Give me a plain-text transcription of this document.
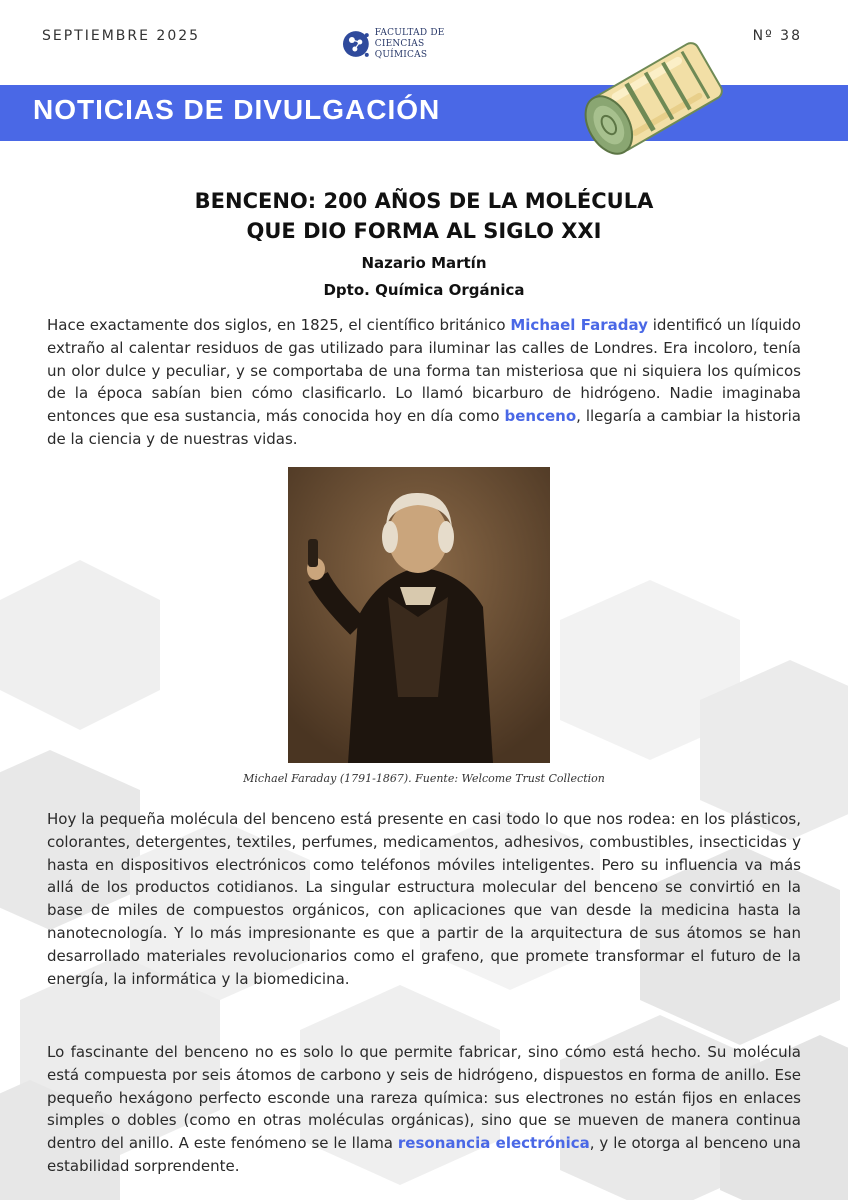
SEPTIEMBRE 2025	Nº 38
FACULTAD DE
CIENCIAS QUÍMICAS
NOTICIAS DE DIVULGACIÓN
BENCENO: 200 AÑOS DE LA MOLÉCULA
QUE DIO FORMA AL SIGLO XXI
Nazario Martín
Dpto. Química Orgánica

Hace exactamente dos siglos, en 1825, el científico británico Michael Faraday identificó un líquido extraño al calentar residuos de gas utilizado para iluminar las calles de Londres. Era incoloro, tenía un olor dulce y peculiar, y se comportaba de una forma tan misteriosa que ni siquiera los químicos de la época sabían bien cómo clasificarlo. Lo llamó bicarburo de hidrógeno. Nadie imaginaba entonces que esa sustancia, más conocida hoy en día como benceno, llegaría a cambiar la historia de la ciencia y de nuestras vidas.

Michael Faraday (1791-1867). Fuente: Welcome Trust Collection

Hoy la pequeña molécula del benceno está presente en casi todo lo que nos rodea: en los plásticos, colorantes, detergentes, textiles, perfumes, medicamentos, adhesivos, combustibles, insecticidas y hasta en dispositivos electrónicos como teléfonos móviles inteligentes. Pero su influencia va más allá de los productos cotidianos. La singular estructura molecular del benceno se convirtió en la base de miles de compuestos orgánicos, con aplicaciones que van desde la medicina hasta la nanotecnología. Y lo más impresionante es que a partir de la arquitectura de sus átomos se han desarrollado materiales revolucionarios como el grafeno, que promete transformar el futuro de la energía, la informática y la biomedicina.

Lo fascinante del benceno no es solo lo que permite fabricar, sino cómo está hecho. Su molécula está compuesta por seis átomos de carbono y seis de hidrógeno, dispuestos en forma de anillo. Ese pequeño hexágono perfecto esconde una rareza química: sus electrones no están fijos en enlaces simples o dobles (como en otras moléculas orgánicas), sino que se mueven de manera continua dentro del anillo. A este fenómeno se le llama resonancia electrónica, y le otorga al benceno una estabilidad sorprendente.
